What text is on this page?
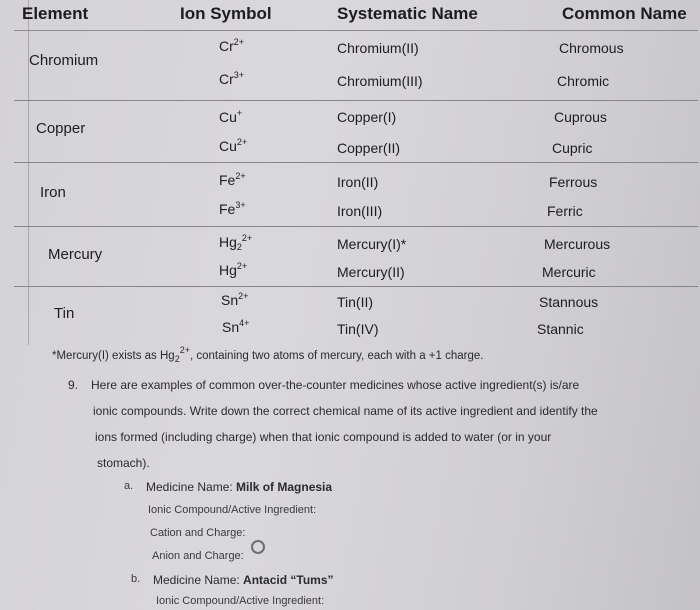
Element	Ion Symbol	Systematic Name	Common Name
Chromium
$Cr^{2+}$	Chromium(II)	Chromous
$Cr^{3+}$	Chromium(III)	Chromic
Copper
Cu+	Copper(I)	Cuprous
$Cu^{2+}$	Copper(II)	Cupric
Iron
$Fe^{2+}$	Iron(II)	Ferrous
$Fe^{3+}$	Iron(III)	Ferric
Mercury
$Hg_2^{2+}$	Mercury(I)*	Mercurous
$Hg^{2+}$	Mercury(II)	Mercuric
Tin
$Sn^{2+}$	Tin(II)	Stannous
$Sn^{4+}$	Tin(IV)	Stannic
*Mercury(I) exists as $Hg_2^{2+}$, containing two atoms of mercury, each with a +1 charge.
9. Here are examples of common over-the-counter medicines whose active ingredient(s) is/are
ionic compounds. Write down the correct chemical name of its active ingredient and identify the
ions formed (including charge) when that ionic compound is added to water (or in your
stomach).
a. Medicine Name: Milk of Magnesia
Ionic Compound/Active Ingredient:
Cation and Charge:
Anion and Charge:
b. Medicine Name: Antacid “Tums”
Ionic Compound/Active Ingredient:
